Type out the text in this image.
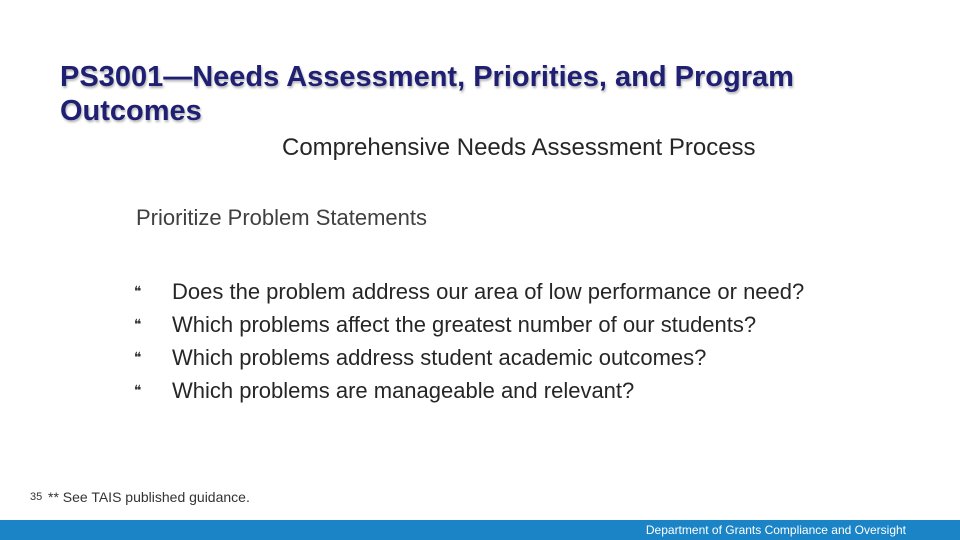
PS3001—Needs Assessment, Priorities, and Program Outcomes
Comprehensive Needs Assessment Process
Prioritize Problem Statements
❝ Does the problem address our area of low performance or need?
❝ Which problems affect the greatest number of our students?
❝ Which problems address student academic outcomes?
❝ Which problems are manageable and relevant?
35 ** See TAIS published guidance.
Department of Grants Compliance and Oversight
